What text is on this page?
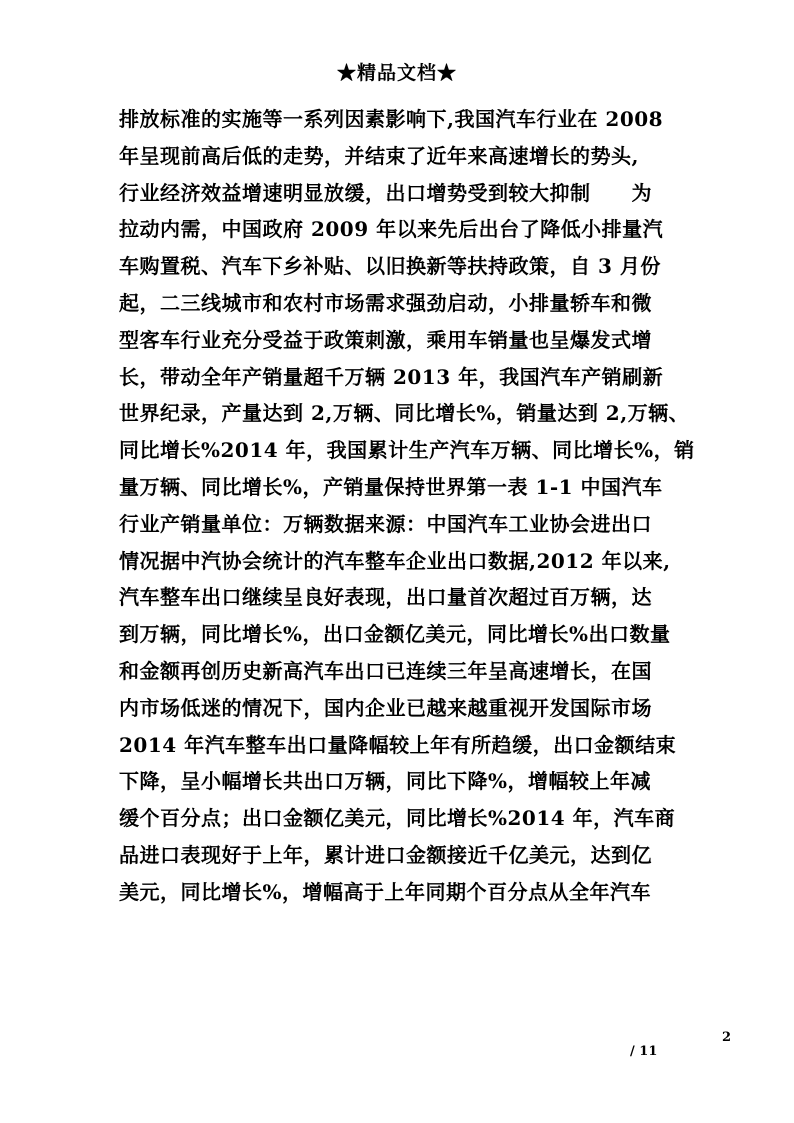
★精品文档★
排放标准的实施等一系列因素影响下,我国汽车行业在 2008
年呈现前高后低的走势，并结束了近年来高速增长的势头,
行业经济效益增速明显放缓，出口增势受到较大抑制　　为
拉动内需，中国政府 2009 年以来先后出台了降低小排量汽
车购置税、汽车下乡补贴、以旧换新等扶持政策，自 3 月份
起，二三线城市和农村市场需求强劲启动，小排量轿车和微
型客车行业充分受益于政策刺激，乘用车销量也呈爆发式增
长，带动全年产销量超千万辆 2013 年，我国汽车产销刷新
世界纪录，产量达到 2,万辆、同比增长%，销量达到 2,万辆、
同比增长%2014 年，我国累计生产汽车万辆、同比增长%，销
量万辆、同比增长%，产销量保持世界第一表 1-1 中国汽车
行业产销量单位：万辆数据来源：中国汽车工业协会进出口
情况据中汽协会统计的汽车整车企业出口数据,2012 年以来,
汽车整车出口继续呈良好表现，出口量首次超过百万辆，达
到万辆，同比增长%，出口金额亿美元，同比增长%出口数量
和金额再创历史新高汽车出口已连续三年呈高速增长，在国
内市场低迷的情况下，国内企业已越来越重视开发国际市场
2014 年汽车整车出口量降幅较上年有所趋缓，出口金额结束
下降，呈小幅增长共出口万辆，同比下降%，增幅较上年减
缓个百分点；出口金额亿美元，同比增长%2014 年，汽车商
品进口表现好于上年，累计进口金额接近千亿美元，达到亿
美元，同比增长%，增幅高于上年同期个百分点从全年汽车
2
/ 11
